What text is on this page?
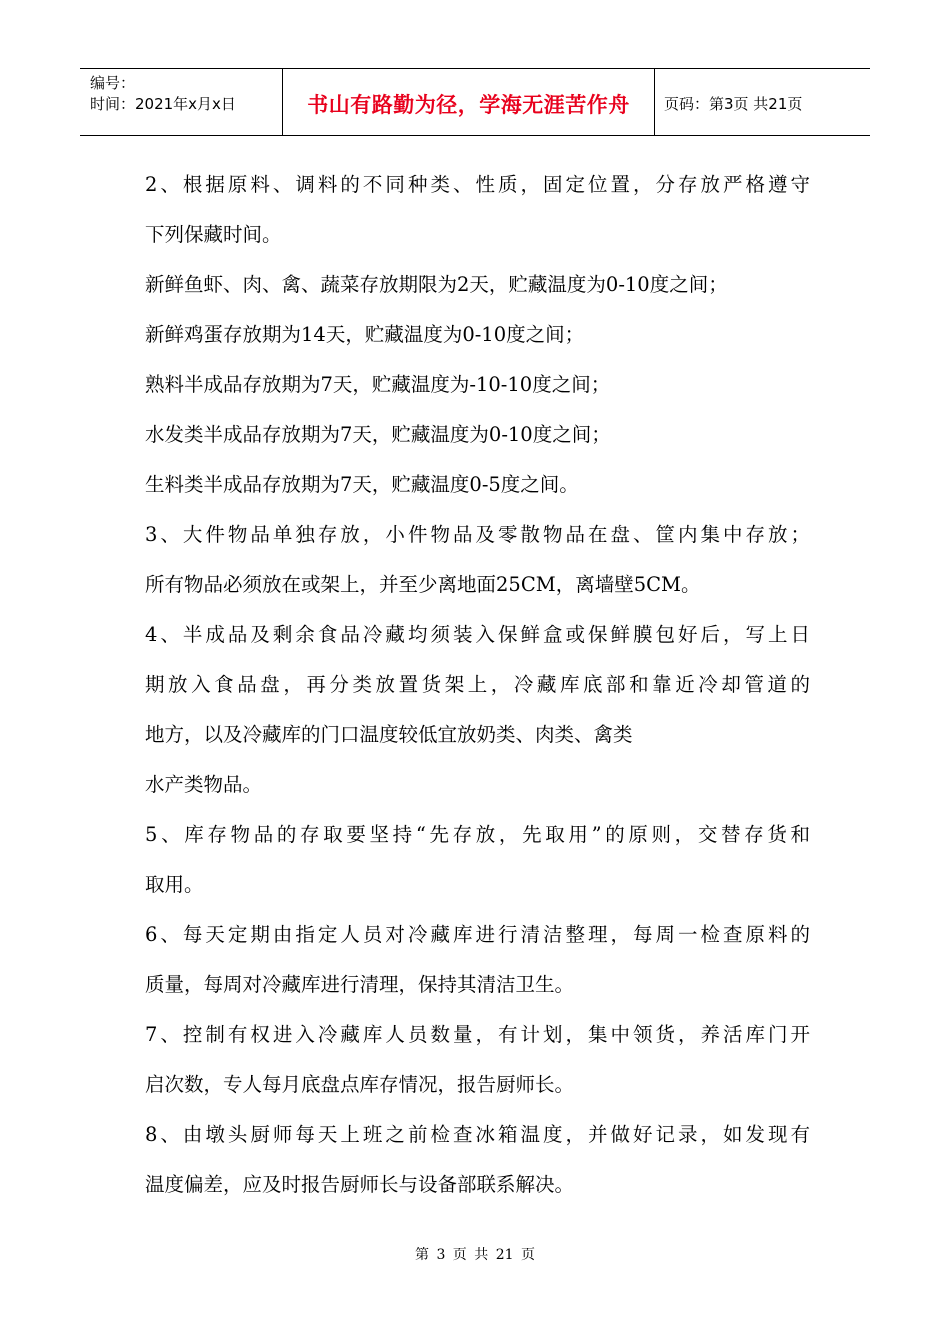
编号：
时间：2021年x月x日	书山有路勤为径，学海无涯苦作舟	页码：第3页 共21页
2、根据原料、调料的不同种类、性质，固定位置，分存放严格遵守
下列保藏时间。
新鲜鱼虾、肉、禽、蔬菜存放期限为2天，贮藏温度为0-10度之间；
新鲜鸡蛋存放期为14天，贮藏温度为0-10度之间；
熟料半成品存放期为7天，贮藏温度为-10-10度之间；
水发类半成品存放期为7天，贮藏温度为0-10度之间；
生料类半成品存放期为7天，贮藏温度0-5度之间。
3、大件物品单独存放，小件物品及零散物品在盘、筐内集中存放；
所有物品必须放在或架上，并至少离地面25CM，离墙壁5CM。
4、半成品及剩余食品冷藏均须装入保鲜盒或保鲜膜包好后，写上日
期放入食品盘，再分类放置货架上，冷藏库底部和靠近冷却管道的
地方，以及冷藏库的门口温度较低宜放奶类、肉类、禽类
水产类物品。
5、库存物品的存取要坚持“先存放，先取用”的原则，交替存货和
取用。
6、每天定期由指定人员对冷藏库进行清洁整理，每周一检查原料的
质量，每周对冷藏库进行清理，保持其清洁卫生。
7、控制有权进入冷藏库人员数量，有计划，集中领货，养活库门开
启次数，专人每月底盘点库存情况，报告厨师长。
8、由墩头厨师每天上班之前检查冰箱温度，并做好记录，如发现有
温度偏差，应及时报告厨师长与设备部联系解决。
第 3 页 共 21 页
